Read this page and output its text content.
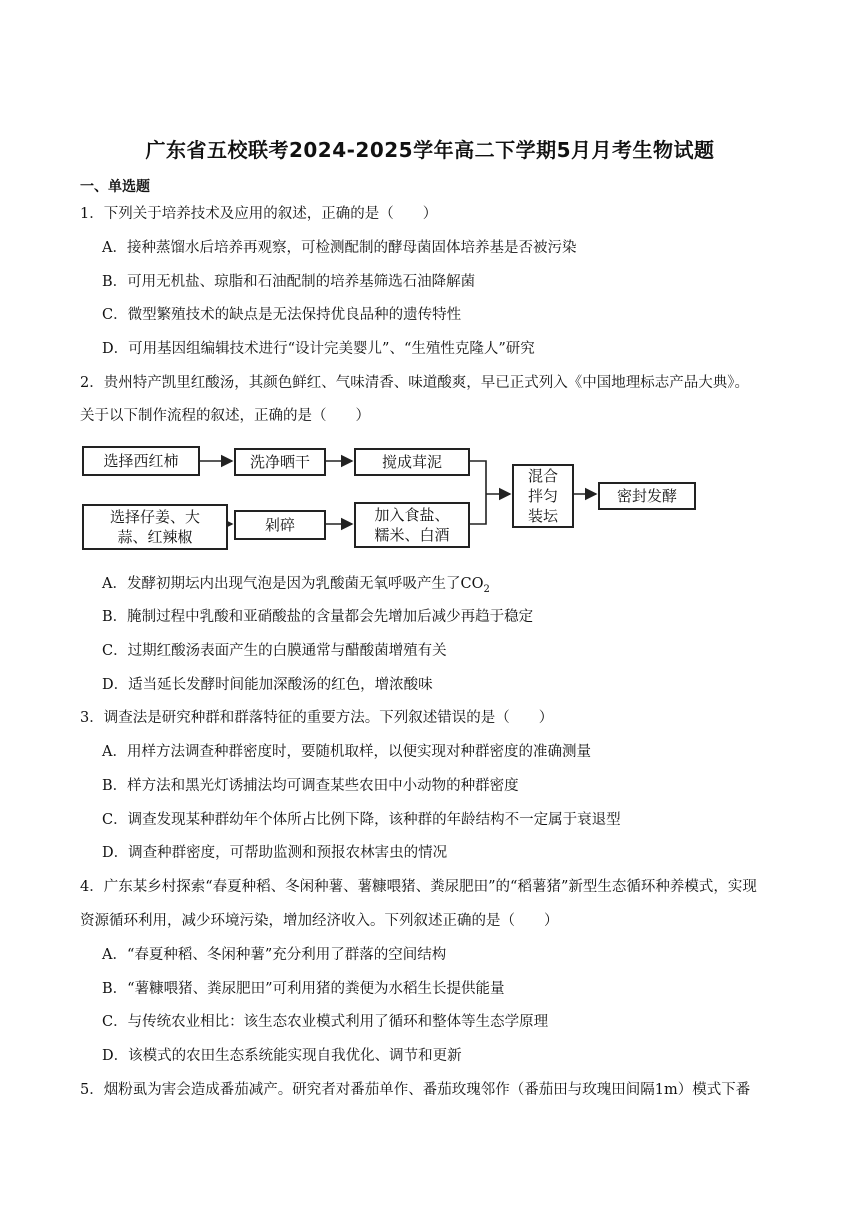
广东省五校联考2024-2025学年高二下学期5月月考生物试题
一、单选题
1．下列关于培养技术及应用的叙述，正确的是（　　）
A．接种蒸馏水后培养再观察，可检测配制的酵母菌固体培养基是否被污染
B．可用无机盐、琼脂和石油配制的培养基筛选石油降解菌
C．微型繁殖技术的缺点是无法保持优良品种的遗传特性
D．可用基因组编辑技术进行“设计完美婴儿”、“生殖性克隆人”研究
2．贵州特产凯里红酸汤，其颜色鲜红、气味清香、味道酸爽，早已正式列入《中国地理标志产品大典》。
关于以下制作流程的叙述，正确的是（　　）
选择西红柿	洗净晒干	搅成茸泥
选择仔姜、大
蒜、红辣椒
剁碎
加入食盐、
糯米、白酒
混合
拌匀
装坛
密封发酵
A．发酵初期坛内出现气泡是因为乳酸菌无氧呼吸产生了$CO_2$
B．腌制过程中乳酸和亚硝酸盐的含量都会先增加后减少再趋于稳定
C．过期红酸汤表面产生的白膜通常与醋酸菌增殖有关
D．适当延长发酵时间能加深酸汤的红色，增浓酸味
3．调查法是研究种群和群落特征的重要方法。下列叙述错误的是（　　）
A．用样方法调查种群密度时，要随机取样，以便实现对种群密度的准确测量
B．样方法和黑光灯诱捕法均可调查某些农田中小动物的种群密度
C．调查发现某种群幼年个体所占比例下降，该种群的年龄结构不一定属于衰退型
D．调查种群密度，可帮助监测和预报农林害虫的情况
4．广东某乡村探索“春夏种稻、冬闲种薯、薯糠喂猪、粪尿肥田”的“稻薯猪”新型生态循环种养模式，实现
资源循环利用，减少环境污染，增加经济收入。下列叙述正确的是（　　）
A．“春夏种稻、冬闲种薯”充分利用了群落的空间结构
B．“薯糠喂猪、粪尿肥田”可利用猪的粪便为水稻生长提供能量
C．与传统农业相比：该生态农业模式利用了循环和整体等生态学原理
D．该模式的农田生态系统能实现自我优化、调节和更新
5．烟粉虱为害会造成番茄减产。研究者对番茄单作、番茄玫瑰邻作（番茄田与玫瑰田间隔1m）模式下番
